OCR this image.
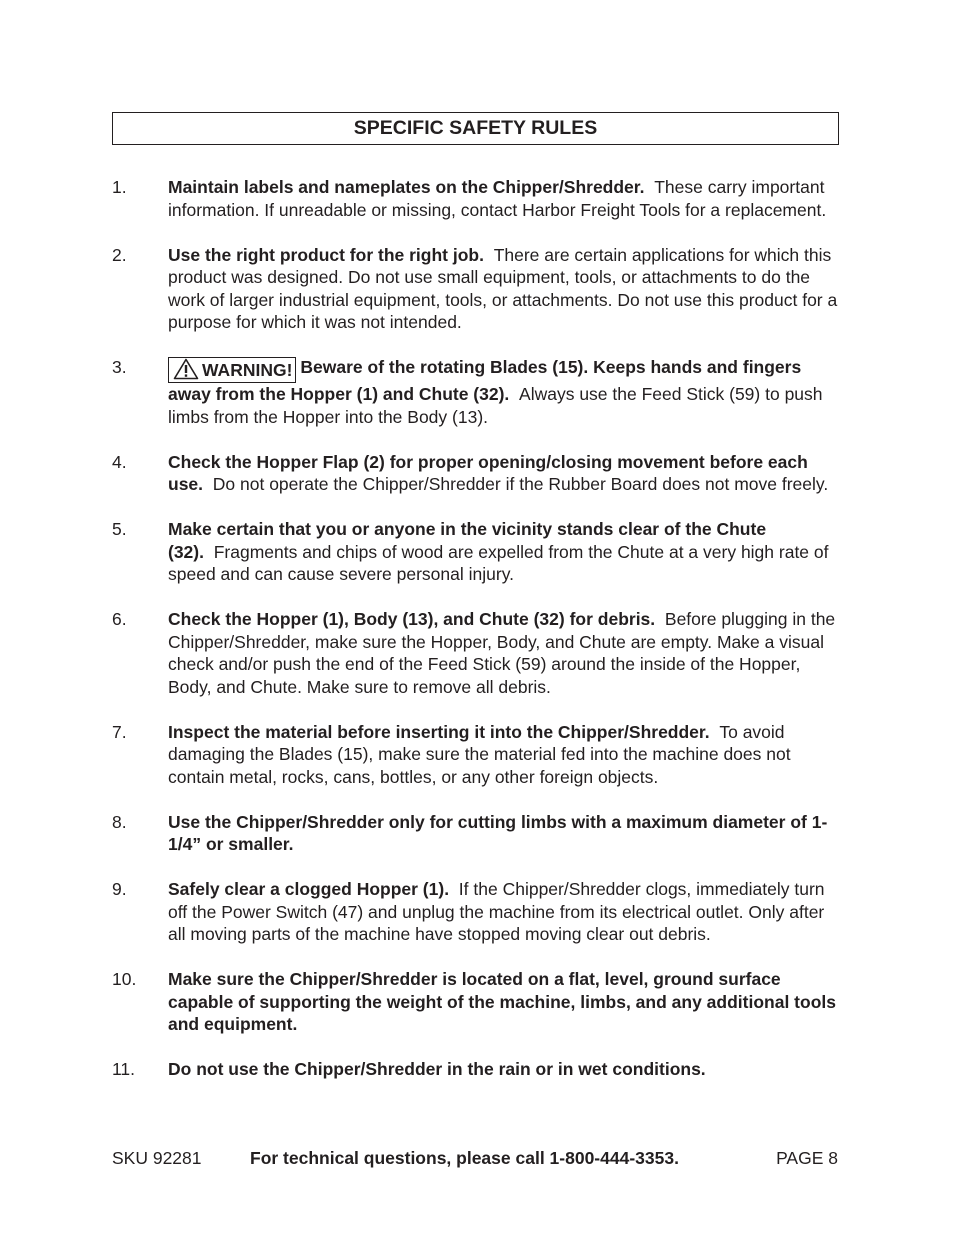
SPECIFIC SAFETY RULES
1.	Maintain labels and nameplates on the Chipper/Shredder. These carry important information. If unreadable or missing, contact Harbor Freight Tools for a replacement.
2.	Use the right product for the right job. There are certain applications for which this product was designed. Do not use small equipment, tools, or attachments to do the work of larger industrial equipment, tools, or attachments. Do not use this product for a purpose for which it was not intended.
3.	WARNING! Beware of the rotating Blades (15). Keeps hands and fingers away from the Hopper (1) and Chute (32). Always use the Feed Stick (59) to push limbs from the Hopper into the Body (13).
4.	Check the Hopper Flap (2) for proper opening/closing movement before each use. Do not operate the Chipper/Shredder if the Rubber Board does not move freely.
5.	Make certain that you or anyone in the vicinity stands clear of the Chute (32). Fragments and chips of wood are expelled from the Chute at a very high rate of speed and can cause severe personal injury.
6.	Check the Hopper (1), Body (13), and Chute (32) for debris. Before plugging in the Chipper/Shredder, make sure the Hopper, Body, and Chute are empty. Make a visual check and/or push the end of the Feed Stick (59) around the inside of the Hopper, Body, and Chute. Make sure to remove all debris.
7.	Inspect the material before inserting it into the Chipper/Shredder. To avoid damaging the Blades (15), make sure the material fed into the machine does not contain metal, rocks, cans, bottles, or any other foreign objects.
8.	Use the Chipper/Shredder only for cutting limbs with a maximum diameter of 1-1/4” or smaller.
9.	Safely clear a clogged Hopper (1). If the Chipper/Shredder clogs, immediately turn off the Power Switch (47) and unplug the machine from its electrical outlet. Only after all moving parts of the machine have stopped moving clear out debris.
10.	Make sure the Chipper/Shredder is located on a flat, level, ground surface capable of supporting the weight of the machine, limbs, and any additional tools and equipment.
11.	Do not use the Chipper/Shredder in the rain or in wet conditions.
SKU 92281	For technical questions, please call 1-800-444-3353.	PAGE 8
